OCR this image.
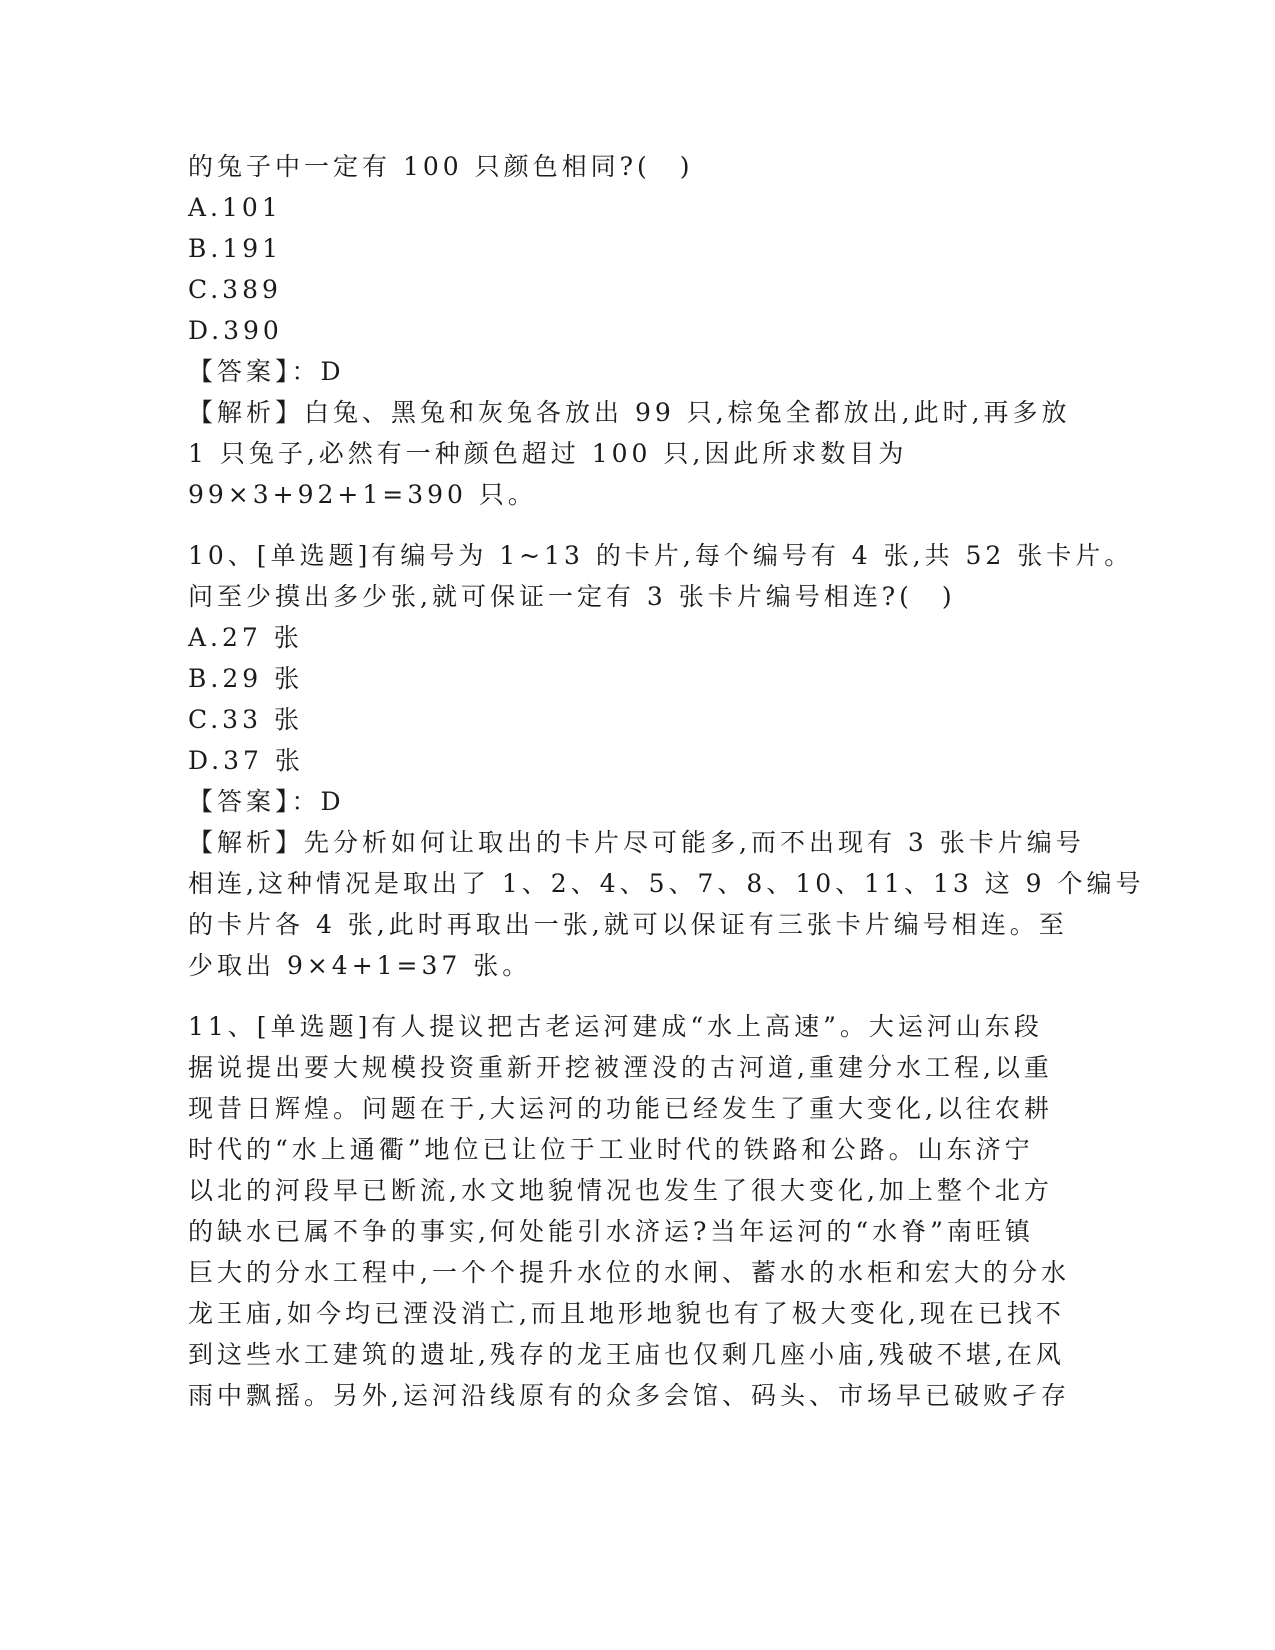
的兔子中一定有 100 只颜色相同?(　)
A.101
B.191
C.389
D.390
【答案】：D
【解析】白兔、黑兔和灰兔各放出 99 只,棕兔全都放出,此时,再多放
1 只兔子,必然有一种颜色超过 100 只,因此所求数目为
99×3+92+1=390 只。
10、[单选题]有编号为 1~13 的卡片,每个编号有 4 张,共 52 张卡片。
问至少摸出多少张,就可保证一定有 3 张卡片编号相连?(　)
A.27 张
B.29 张
C.33 张
D.37 张
【答案】：D
【解析】先分析如何让取出的卡片尽可能多,而不出现有 3 张卡片编号
相连,这种情况是取出了 1、2、4、5、7、8、10、11、13 这 9 个编号
的卡片各 4 张,此时再取出一张,就可以保证有三张卡片编号相连。至
少取出 9×4+1=37 张。
11、[单选题]有人提议把古老运河建成“水上高速”。大运河山东段
据说提出要大规模投资重新开挖被湮没的古河道,重建分水工程,以重
现昔日辉煌。问题在于,大运河的功能已经发生了重大变化,以往农耕
时代的“水上通衢”地位已让位于工业时代的铁路和公路。山东济宁
以北的河段早已断流,水文地貌情况也发生了很大变化,加上整个北方
的缺水已属不争的事实,何处能引水济运?当年运河的“水脊”南旺镇
巨大的分水工程中,一个个提升水位的水闸、蓄水的水柜和宏大的分水
龙王庙,如今均已湮没消亡,而且地形地貌也有了极大变化,现在已找不
到这些水工建筑的遗址,残存的龙王庙也仅剩几座小庙,残破不堪,在风
雨中飘摇。另外,运河沿线原有的众多会馆、码头、市场早已破败孑存
